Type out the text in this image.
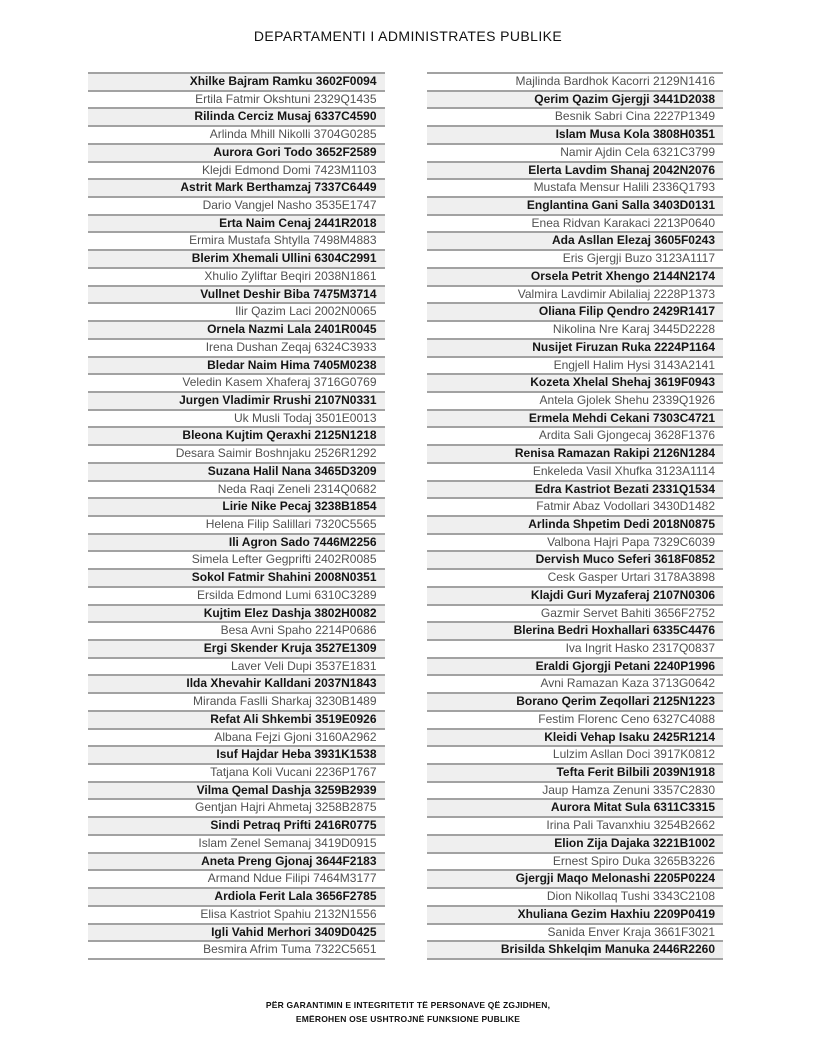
DEPARTAMENTI I ADMINISTRATES PUBLIKE
Xhilke Bajram Ramku 3602F0094
Ertila Fatmir Okshtuni 2329Q1435
Rilinda Cerciz Musaj 6337C4590
Arlinda Mhill Nikolli 3704G0285
Aurora Gori Todo 3652F2589
Klejdi Edmond Domi 7423M1103
Astrit Mark Berthamzaj 7337C6449
Dario Vangjel Nasho 3535E1747
Erta Naim Cenaj 2441R2018
Ermira Mustafa Shtylla 7498M4883
Blerim Xhemali Ullini 6304C2991
Xhulio Zyliftar Beqiri 2038N1861
Vullnet Deshir Biba 7475M3714
Ilir Qazim Laci 2002N0065
Ornela Nazmi Lala 2401R0045
Irena Dushan Zeqaj 6324C3933
Bledar Naim Hima 7405M0238
Veledin Kasem Xhaferaj 3716G0769
Jurgen Vladimir Rrushi 2107N0331
Uk Musli Todaj 3501E0013
Bleona Kujtim Qeraxhi 2125N1218
Desara Saimir Boshnjaku 2526R1292
Suzana Halil Nana 3465D3209
Neda Raqi Zeneli 2314Q0682
Lirie Nike Pecaj 3238B1854
Helena Filip Salillari 7320C5565
Ili Agron Sado 7446M2256
Simela Lefter Gegprifti 2402R0085
Sokol Fatmir Shahini 2008N0351
Ersilda Edmond Lumi 6310C3289
Kujtim Elez Dashja 3802H0082
Besa Avni Spaho 2214P0686
Ergi Skender Kruja 3527E1309
Laver Veli Dupi 3537E1831
Ilda Xhevahir Kalldani 2037N1843
Miranda Faslli Sharkaj 3230B1489
Refat Ali Shkembi 3519E0926
Albana Fejzi Gjoni 3160A2962
Isuf Hajdar Heba 3931K1538
Tatjana Koli Vucani 2236P1767
Vilma Qemal Dashja 3259B2939
Gentjan Hajri Ahmetaj 3258B2875
Sindi Petraq Prifti 2416R0775
Islam Zenel Semanaj 3419D0915
Aneta Preng Gjonaj 3644F2183
Armand Ndue Filipi 7464M3177
Ardiola Ferit Lala 3656F2785
Elisa Kastriot Spahiu 2132N1556
Igli Vahid Merhori 3409D0425
Besmira Afrim Tuma 7322C5651
Majlinda Bardhok Kacorri 2129N1416
Qerim Qazim Gjergji 3441D2038
Besnik Sabri Cina 2227P1349
Islam Musa Kola 3808H0351
Namir Ajdin Cela 6321C3799
Elerta Lavdim Shanaj 2042N2076
Mustafa Mensur Halili 2336Q1793
Englantina Gani Salla 3403D0131
Enea Ridvan Karakaci 2213P0640
Ada Asllan Elezaj 3605F0243
Eris Gjergji Buzo 3123A1117
Orsela Petrit Xhengo 2144N2174
Valmira Lavdimir Abilaliaj 2228P1373
Oliana Filip Qendro 2429R1417
Nikolina Nre Karaj 3445D2228
Nusijet Firuzan Ruka 2224P1164
Engjell Halim Hysi 3143A2141
Kozeta Xhelal Shehaj 3619F0943
Antela Gjolek Shehu 2339Q1926
Ermela Mehdi Cekani 7303C4721
Ardita Sali Gjongecaj 3628F1376
Renisa Ramazan Rakipi 2126N1284
Enkeleda Vasil Xhufka 3123A1114
Edra Kastriot Bezati 2331Q1534
Fatmir Abaz Vodollari 3430D1482
Arlinda Shpetim Dedi 2018N0875
Valbona Hajri Papa 7329C6039
Dervish Muco Seferi 3618F0852
Cesk Gasper Urtari 3178A3898
Klajdi Guri Myzaferaj 2107N0306
Gazmir Servet Bahiti 3656F2752
Blerina Bedri Hoxhallari 6335C4476
Iva Ingrit Hasko 2317Q0837
Eraldi Gjorgji Petani 2240P1996
Avni Ramazan Kaza 3713G0642
Borano Qerim Zeqollari 2125N1223
Festim Florenc Ceno 6327C4088
Kleidi Vehap Isaku 2425R1214
Lulzim Asllan Doci 3917K0812
Tefta Ferit Bilbili 2039N1918
Jaup Hamza Zenuni 3357C2830
Aurora Mitat Sula 6311C3315
Irina Pali Tavanxhiu 3254B2662
Elion Zija Dajaka 3221B1002
Ernest Spiro Duka 3265B3226
Gjergji Maqo Melonashi 2205P0224
Dion Nikollaq Tushi 3343C2108
Xhuliana Gezim Haxhiu 2209P0419
Sanida Enver Kraja 3661F3021
Brisilda Shkelqim Manuka 2446R2260
PËR GARANTIMIN E INTEGRITETIT TË PERSONAVE QË ZGJIDHEN,
EMËROHEN OSE USHTROJNË FUNKSIONE PUBLIKE
